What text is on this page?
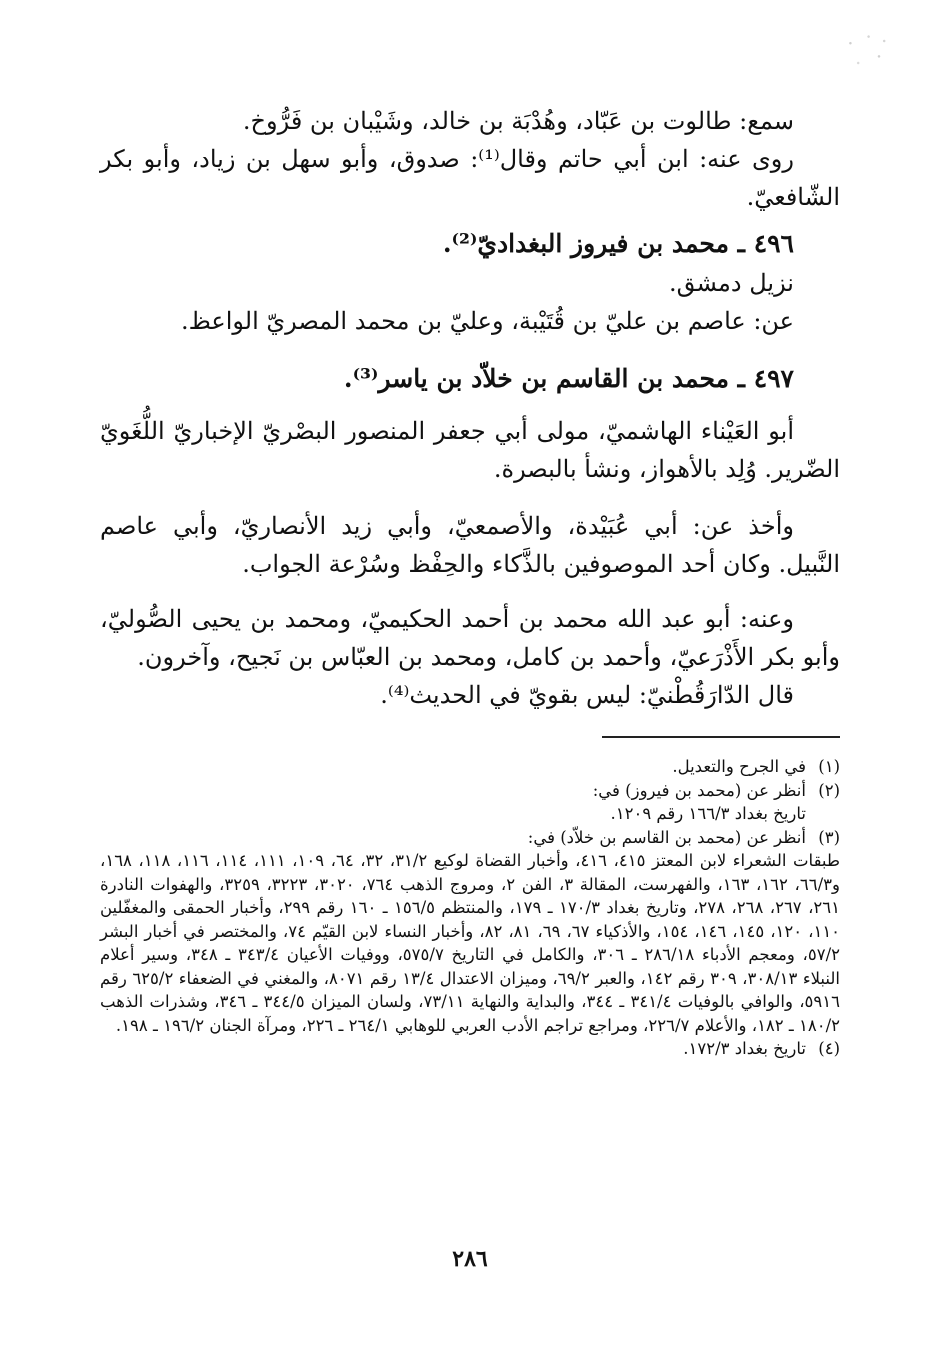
سمع: طالوت بن عَبّاد، وهُدْبَة بن خالد، وشَيْبان بن فَرُّوخ.

روى عنه: ابن أبي حاتم وقال⁽¹⁾: صدوق، وأبو سهل بن زياد، وأبو بكر الشّافعيّ.

٤٩٦ ـ محمد بن فيروز البغداديّ⁽²⁾.

نزيل دمشق.

عن: عاصم بن عليّ بن قُتَيْبة، وعليّ بن محمد المصريّ الواعظ.

٤٩٧ ـ محمد بن القاسم بن خلاّد بن ياسر⁽³⁾.

أبو العَيْناء الهاشميّ، مولى أبي جعفر المنصور البصْريّ الإخباريّ اللُّغَويّ الضّرير. وُلِد بالأهواز، ونشأ بالبصرة.

وأخذ عن: أبي عُبَيْدة، والأصمعيّ، وأبي زيد الأنصاريّ، وأبي عاصم النَّبيل. وكان أحد الموصوفين بالذَّكاء والحِفْظ وسُرْعة الجواب.

وعنه: أبو عبد الله محمد بن أحمد الحكيميّ، ومحمد بن يحيى الصُّوليّ، وأبو بكر الأَذْرَعيّ، وأحمد بن كامل، ومحمد بن العبّاس بن نَجيح، وآخرون.

قال الدّارَقُطْنيّ: ليس بقويّ في الحديث⁽⁴⁾.

(١)
في الجرح والتعديل.
(٢)
أنظر عن (محمد بن فيروز) في:
تاريخ بغداد ١٦٦/٣ رقم ١٢٠٩.
(٣)
أنظر عن (محمد بن القاسم بن خلاّد) في:
طبقات الشعراء لابن المعتز ٤١٥، ٤١٦، وأخبار القضاة لوكيع ٣١/٢، ٣٢، ٦٤، ١٠٩، ١١١، ١١٤، ١١٦، ١١٨، ١٦٨، و٦٦/٣، ١٦٢، ١٦٣، والفهرست، المقالة ٣، الفن ٢، ومروج الذهب ٧٦٤، ٣٠٢٠، ٣٢٢٣، ٣٢٥٩، والهفوات النادرة ٢٦١، ٢٦٧، ٢٦٨، ٢٧٨، وتاريخ بغداد ١٧٠/٣ ـ ١٧٩، والمنتظم ١٥٦/٥ ـ ١٦٠ رقم ٢٩٩، وأخبار الحمقى والمغفّلين ١١٠، ١٢٠، ١٤٥، ١٤٦، ١٥٤، والأذكياء ٦٧، ٦٩، ٨١، ٨٢، وأخبار النساء لابن القيّم ٧٤، والمختصر في أخبار البشر ٥٧/٢، ومعجم الأدباء ٢٨٦/١٨ ـ ٣٠٦، والكامل في التاريخ ٥٧٥/٧، ووفيات الأعيان ٣٤٣/٤ ـ ٣٤٨، وسير أعلام النبلاء ٣٠٨/١٣، ٣٠٩ رقم ١٤٢، والعبر ٦٩/٢، وميزان الاعتدال ١٣/٤ رقم ٨٠٧١، والمغني في الضعفاء ٦٢٥/٢ رقم ٥٩١٦، والوافي بالوفيات ٣٤١/٤ ـ ٣٤٤، والبداية والنهاية ٧٣/١١، ولسان الميزان ٣٤٤/٥ ـ ٣٤٦، وشذرات الذهب ١٨٠/٢ ـ ١٨٢، والأعلام ٢٢٦/٧، ومراجع تراجم الأدب العربي للوهابي ٢٦٤/١ ـ ٢٢٦، ومرآة الجنان ١٩٦/٢ ـ ١٩٨.
(٤)
تاريخ بغداد ١٧٢/٣.
٢٨٦
